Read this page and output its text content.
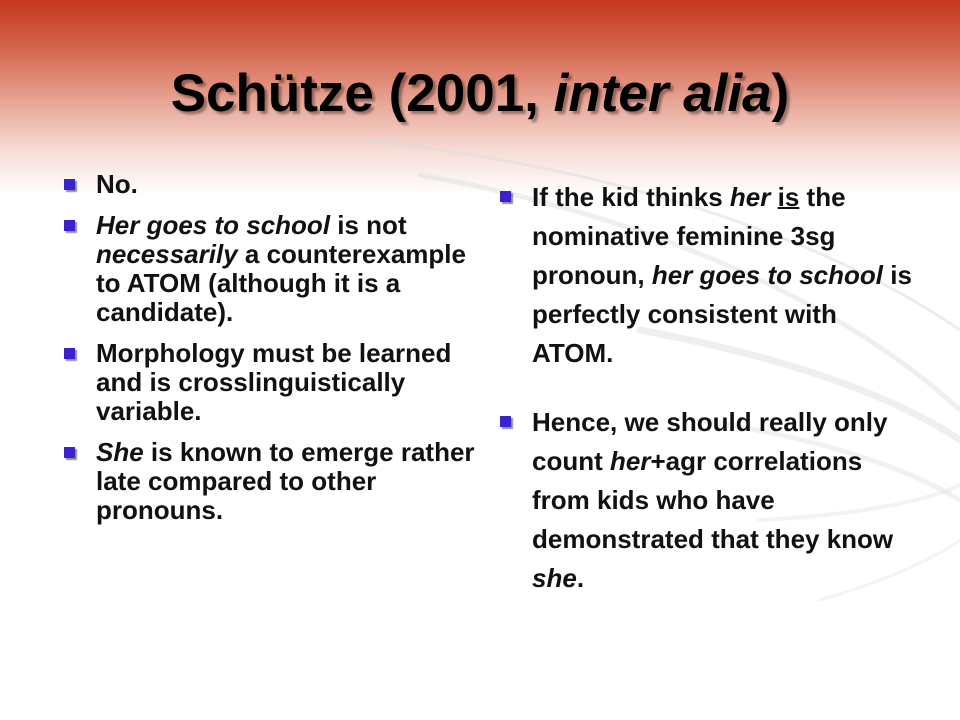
Schütze (2001, inter alia)
No.
Her goes to school is not necessarily a counterexample to ATOM (although it is a candidate).
Morphology must be learned and is crosslinguistically variable.
She is known to emerge rather late compared to other pronouns.
If the kid thinks her is the nominative feminine 3sg pronoun, her goes to school is perfectly consistent with ATOM.
Hence, we should really only count her+agr correlations from kids who have demonstrated that they know she.
